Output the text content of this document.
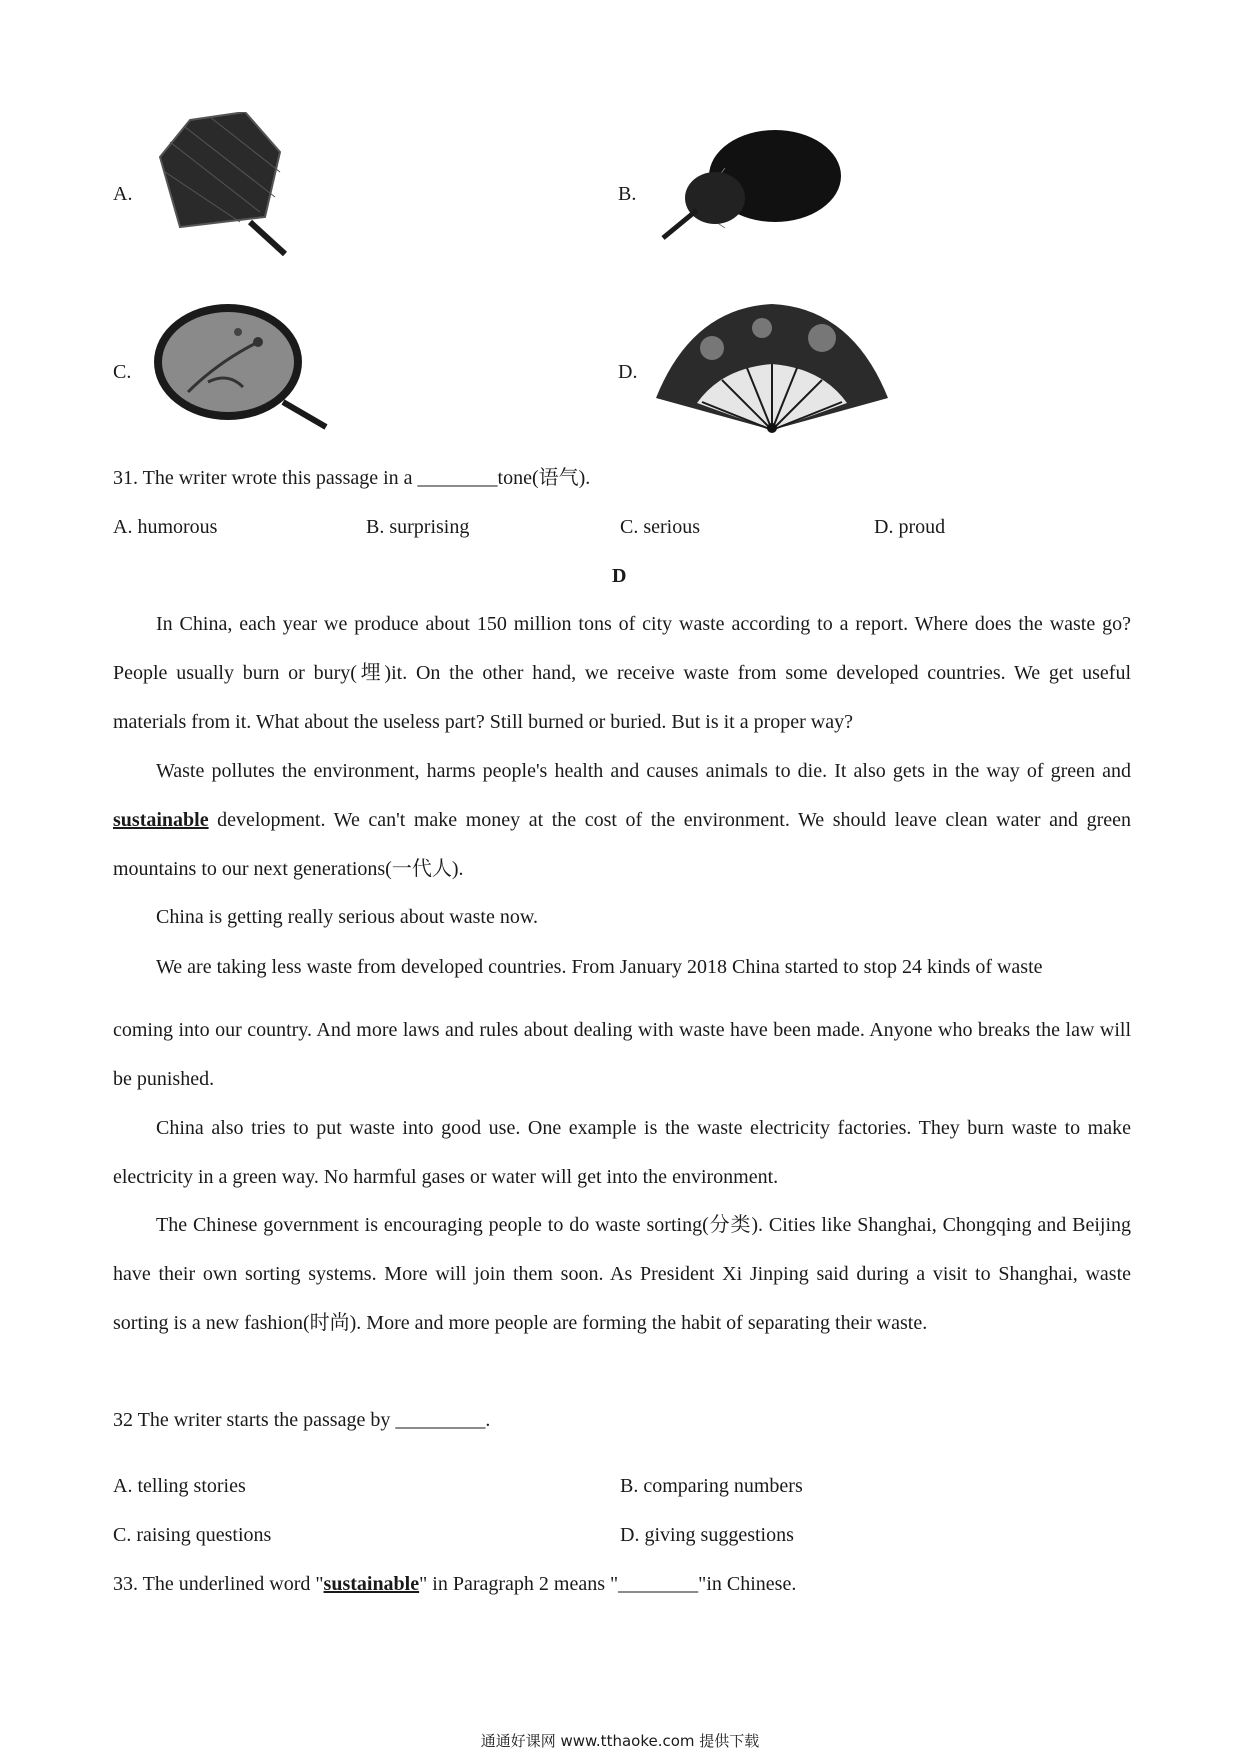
A.	B.
C.	D.
31. The writer wrote this passage in a ________tone(语气).
A. humorous	B. surprising	C. serious	D. proud
D
In China, each year we produce about 150 million tons of city waste according to a report. Where does the waste go? People usually burn or bury(埋)it. On the other hand, we receive waste from some developed countries. We get useful materials from it. What about the useless part? Still burned or buried. But is it a proper way?
Waste pollutes the environment, harms people's health and causes animals to die. It also gets in the way of green and sustainable development. We can't make money at the cost of the environment. We should leave clean water and green mountains to our next generations(一代人).
China is getting really serious about waste now.
We are taking less waste from developed countries. From January 2018 China started to stop 24 kinds of waste
coming into our country. And more laws and rules about dealing with waste have been made. Anyone who breaks the law will be punished.
China also tries to put waste into good use. One example is the waste electricity factories. They burn waste to make electricity in a green way. No harmful gases or water will get into the environment.
The Chinese government is encouraging people to do waste sorting(分类). Cities like Shanghai, Chongqing and Beijing have their own sorting systems. More will join them soon. As President Xi Jinping said during a visit to Shanghai, waste sorting is a new fashion(时尚). More and more people are forming the habit of separating their waste.
32 The writer starts the passage by _________.
A. telling stories	B. comparing numbers
C. raising questions	D. giving suggestions
33. The underlined word "sustainable" in Paragraph 2 means "________"in Chinese.
通通好课网 www.tthaoke.com 提供下载
